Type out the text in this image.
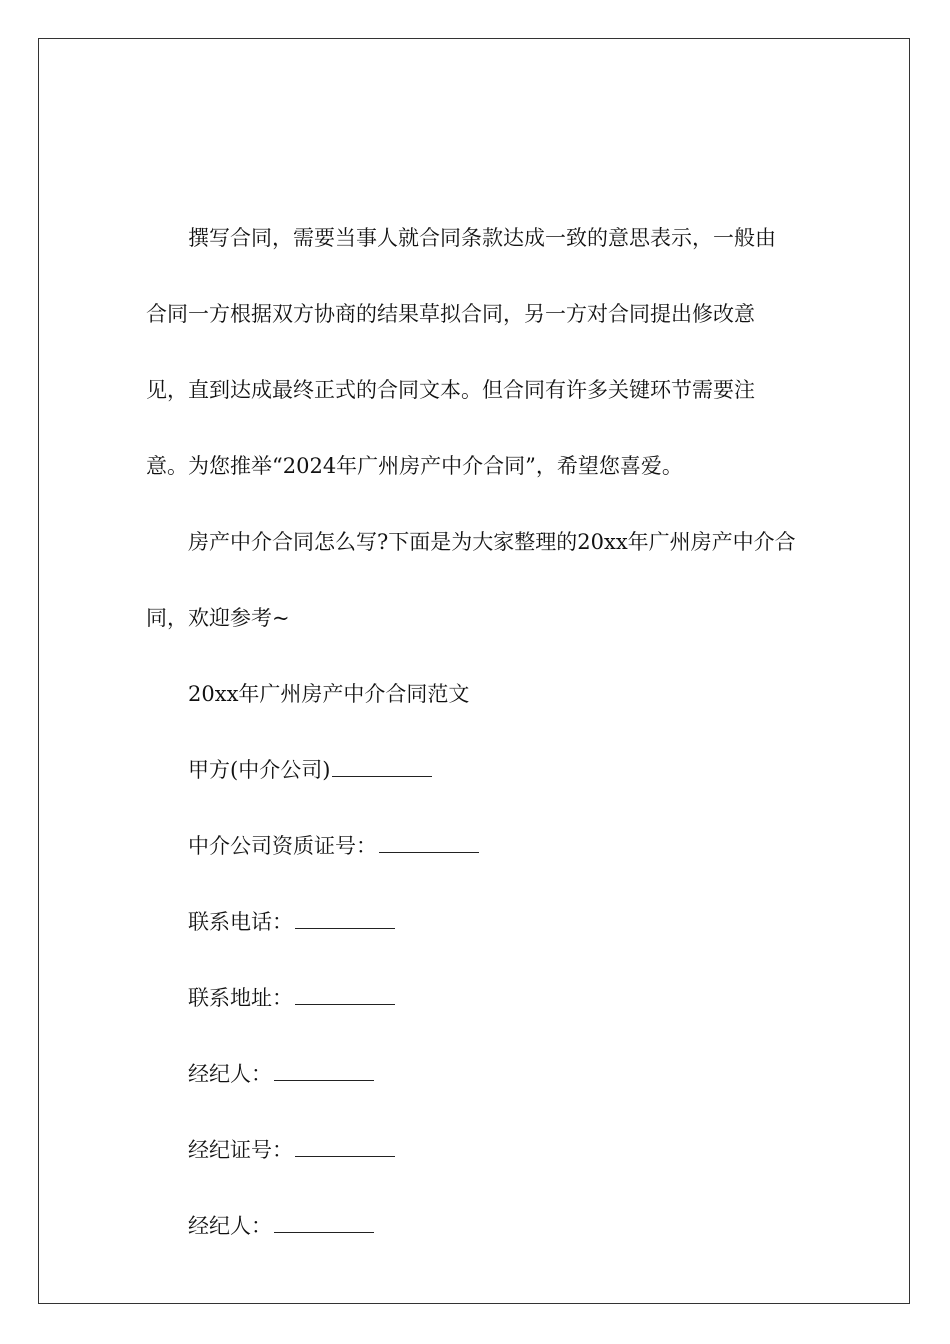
撰写合同，需要当事人就合同条款达成一致的意思表示，一般由合同一方根据双方协商的结果草拟合同，另一方对合同提出修改意见，直到达成最终正式的合同文本。但合同有许多关键环节需要注意。为您推举“2024年广州房产中介合同”，希望您喜爱。

房产中介合同怎么写?下面是为大家整理的20xx年广州房产中介合同，欢迎参考~

20xx年广州房产中介合同范文

甲方(中介公司)

中介公司资质证号：

联系电话：

联系地址：

经纪人：

经纪证号：

经纪人：
